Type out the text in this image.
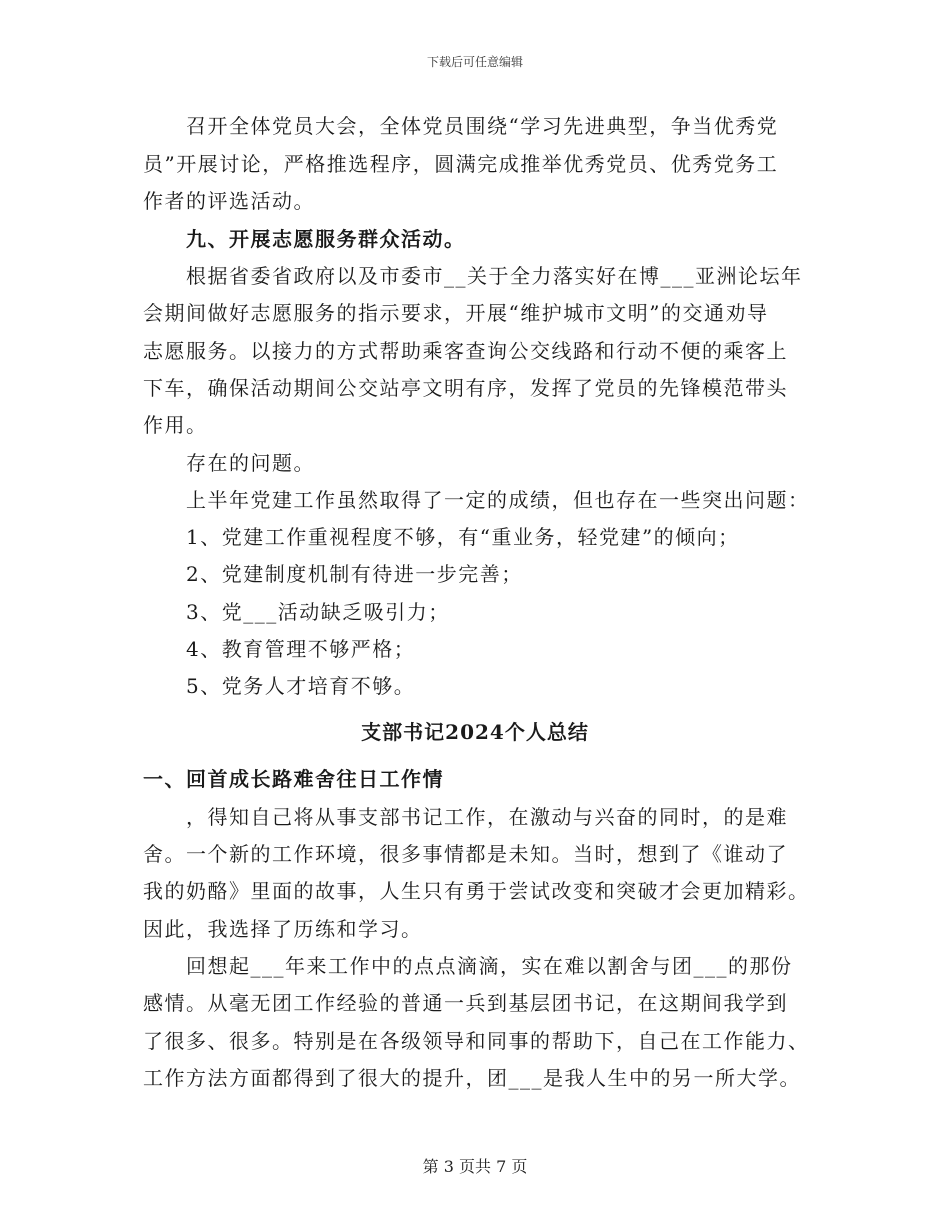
下载后可任意编辑
召开全体党员大会，全体党员围绕“学习先进典型，争当优秀党
员”开展讨论，严格推选程序，圆满完成推举优秀党员、优秀党务工
作者的评选活动。
九、开展志愿服务群众活动。
根据省委省政府以及市委市__关于全力落实好在博___亚洲论坛年
会期间做好志愿服务的指示要求，开展“维护城市文明”的交通劝导
志愿服务。以接力的方式帮助乘客查询公交线路和行动不便的乘客上
下车，确保活动期间公交站亭文明有序，发挥了党员的先锋模范带头
作用。
存在的问题。
上半年党建工作虽然取得了一定的成绩，但也存在一些突出问题：
1、党建工作重视程度不够，有“重业务，轻党建”的倾向；
2、党建制度机制有待进一步完善；
3、党___活动缺乏吸引力；
4、教育管理不够严格；
5、党务人才培育不够。
支部书记2024个人总结
一、回首成长路难舍往日工作情
，得知自己将从事支部书记工作，在激动与兴奋的同时，的是难
舍。一个新的工作环境，很多事情都是未知。当时，想到了《谁动了
我的奶酪》里面的故事，人生只有勇于尝试改变和突破才会更加精彩。
因此，我选择了历练和学习。
回想起___年来工作中的点点滴滴，实在难以割舍与团___的那份
感情。从毫无团工作经验的普通一兵到基层团书记，在这期间我学到
了很多、很多。特别是在各级领导和同事的帮助下，自己在工作能力、
工作方法方面都得到了很大的提升，团___是我人生中的另一所大学。
第 3 页共 7 页
